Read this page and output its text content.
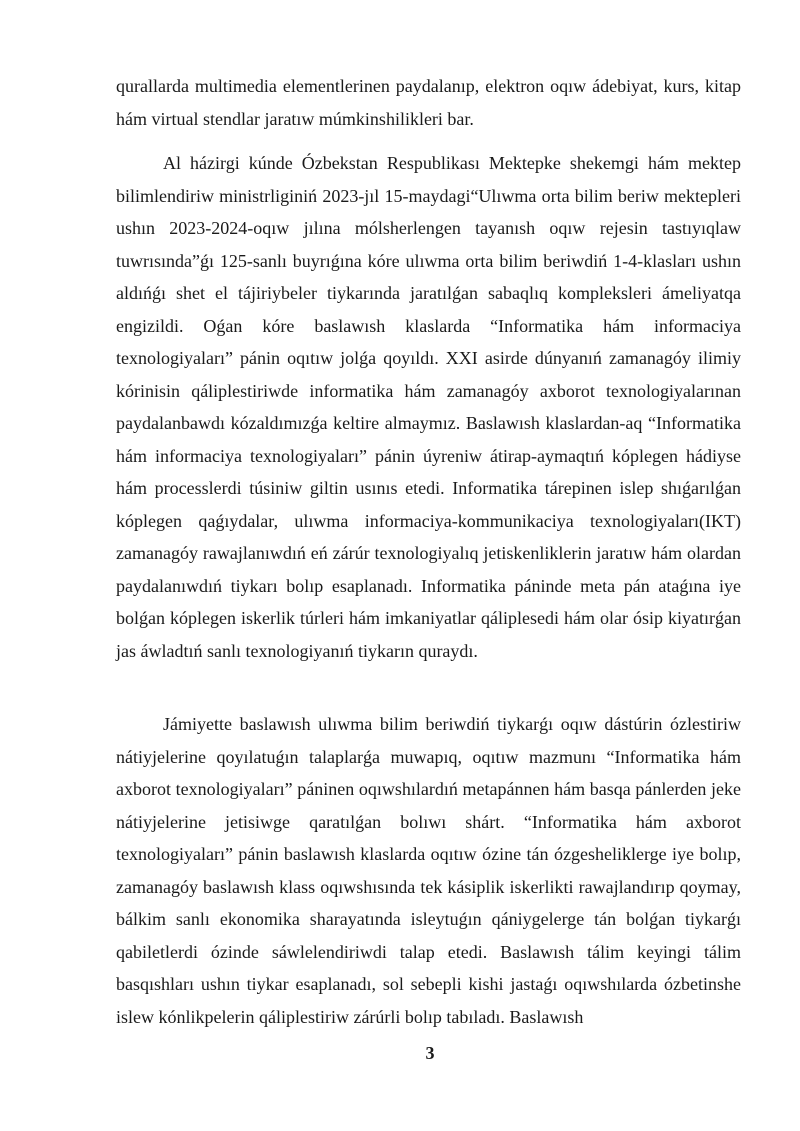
qurallarda multimedia elementlerinen paydalanıp, elektron oqıw ádebiyat, kurs, kitap hám virtual stendlar jaratıw múmkinshilikleri bar.

Al házirgi kúnde Ózbekstan Respublikası Mektepke shekemgi hám mektep bilimlendiriw ministrliginiń 2023-jıl 15-maydagi“Ulıwma orta bilim beriw mektepleri ushın 2023-2024-oqıw jılına mólsherlengen tayanısh oqıw rejesin tastıyıqlaw tuwrısında”ǵı 125-sanlı buyrıǵına kóre ulıwma orta bilim beriwdiń 1-4-klasları ushın aldıńǵı shet el tájiriybeler tiykarında jaratılǵan sabaqlıq kompleksleri ámeliyatqa engizildi. Oǵan kóre baslawısh klaslarda “Informatika hám informaciya texnologiyaları” pánin oqıtıw jolǵa qoyıldı. XXI asirde dúnyanıń zamanagóy ilimiy kórinisin qáliplestiriwde informatika hám zamanagóy axborot texnologiyalarınan paydalanbawdı kózaldımızǵa keltire almaymız. Baslawısh klaslardan-aq “Informatika hám informaciya texnologiyaları” pánin úyreniw átirap-aymaqtıń kóplegen hádiyse hám processlerdi túsiniw giltin usınıs etedi. Informatika tárepinen islep shıǵarılǵan kóplegen qaǵıydalar, ulıwma informaciya-kommunikaciya texnologiyaları(IKT) zamanagóy rawajlanıwdıń eń zárúr texnologiyalıq jetiskenliklerin jaratıw hám olardan paydalanıwdıń tiykarı bolıp esaplanadı. Informatika páninde meta pán ataǵına iye bolǵan kóplegen iskerlik túrleri hám imkaniyatlar qáliplesedi hám olar ósip kiyatırǵan jas áwladtıń sanlı texnologiyanıń tiykarın quraydı.

Jámiyette baslawısh ulıwma bilim beriwdiń tiykarǵı oqıw dástúrin ózlestiriw nátiyjelerine qoyılatuǵın talaplarǵa muwapıq, oqıtıw mazmunı “Informatika hám axborot texnologiyaları” páninen oqıwshılardıń metapánnen hám basqa pánlerden jeke nátiyjelerine jetisiwge qaratılǵan bolıwı shárt. “Informatika hám axborot texnologiyaları” pánin baslawısh klaslarda oqıtıw ózine tán ózgesheliklerge iye bolıp, zamanagóy baslawısh klass oqıwshısında tek kásiplik iskerlikti rawajlandırıp qoymay, bálkim sanlı ekonomika sharayatında isleytuǵın qániygelerge tán bolǵan tiykarǵı qabiletlerdi ózinde sáwlelendiriwdi talap etedi. Baslawısh tálim keyingi tálim basqıshları ushın tiykar esaplanadı, sol sebepli kishi jastaǵı oqıwshılarda ózbetinshe islew kónlikpelerin qáliplestiriw zárúrli bolıp tabıladı. Baslawısh

3
